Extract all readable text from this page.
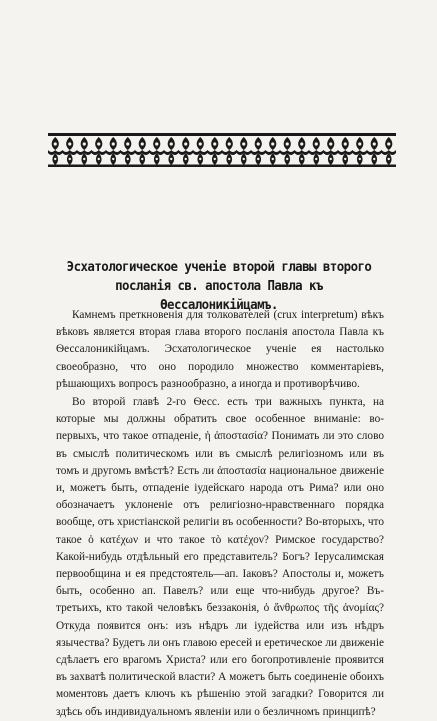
Эсхатологическое ученіе второй главы второго посланія св. апостола Павла къ Ѳессалоникійцамъ.

Камнемъ преткновенія для толкователей (crux interpretum) вѣкъ вѣковъ является вторая глава второго посланія апостола Павла къ Ѳессалоникійцамъ. Эсхатологическое ученіе ея настолько своеобразно, что оно породило множество комментаріевъ, рѣшающихъ вопросъ разнообразно, а иногда и противорѣчиво.

Во второй главѣ 2-го Ѳесс. есть три важныхъ пункта, на которые мы должны обратить свое особенное вниманіе: во-первыхъ, что такое отпаденіе, ἡ ἀποστασία? Понимать ли это слово въ смыслѣ политическомъ или въ смыслѣ религіозномъ или въ томъ и другомъ вмѣстѣ? Есть ли ἀποστασία национальное движеніе и, можетъ быть, отпаденіе іудейскаго народа отъ Рима? или оно обозначаетъ уклоненіе отъ религіозно-нравственнаго порядка вообще, отъ христіанской религіи въ особенности? Во-вторыхъ, что такое ὁ κατέχων и что такое τὸ κατέχον? Римское государство? Какой-нибудь отдѣльный его представитель? Богъ? Іерусалимская первообщина и ея предстоятель—ап. Іаковъ? Апостолы и, можетъ быть, особенно ап. Павелъ? или еще что-нибудь другое? Въ-третьихъ, кто такой человѣкъ беззаконія, ὁ ἄνθρωπος τῆς ἀνομίας? Откуда появится онъ: изъ нѣдръ ли іудейства или изъ нѣдръ язычества? Будетъ ли онъ главою ересей и еретическое ли движеніе сдѣлаетъ его врагомъ Христа? или его богопротивленіе проявится въ захватѣ политической власти? А можетъ быть соединеніе обоихъ моментовъ даетъ ключъ къ рѣшенію этой загадки? Говорится ли здѣсь объ индивидуальномъ явленіи или о безличномъ принципѣ?
